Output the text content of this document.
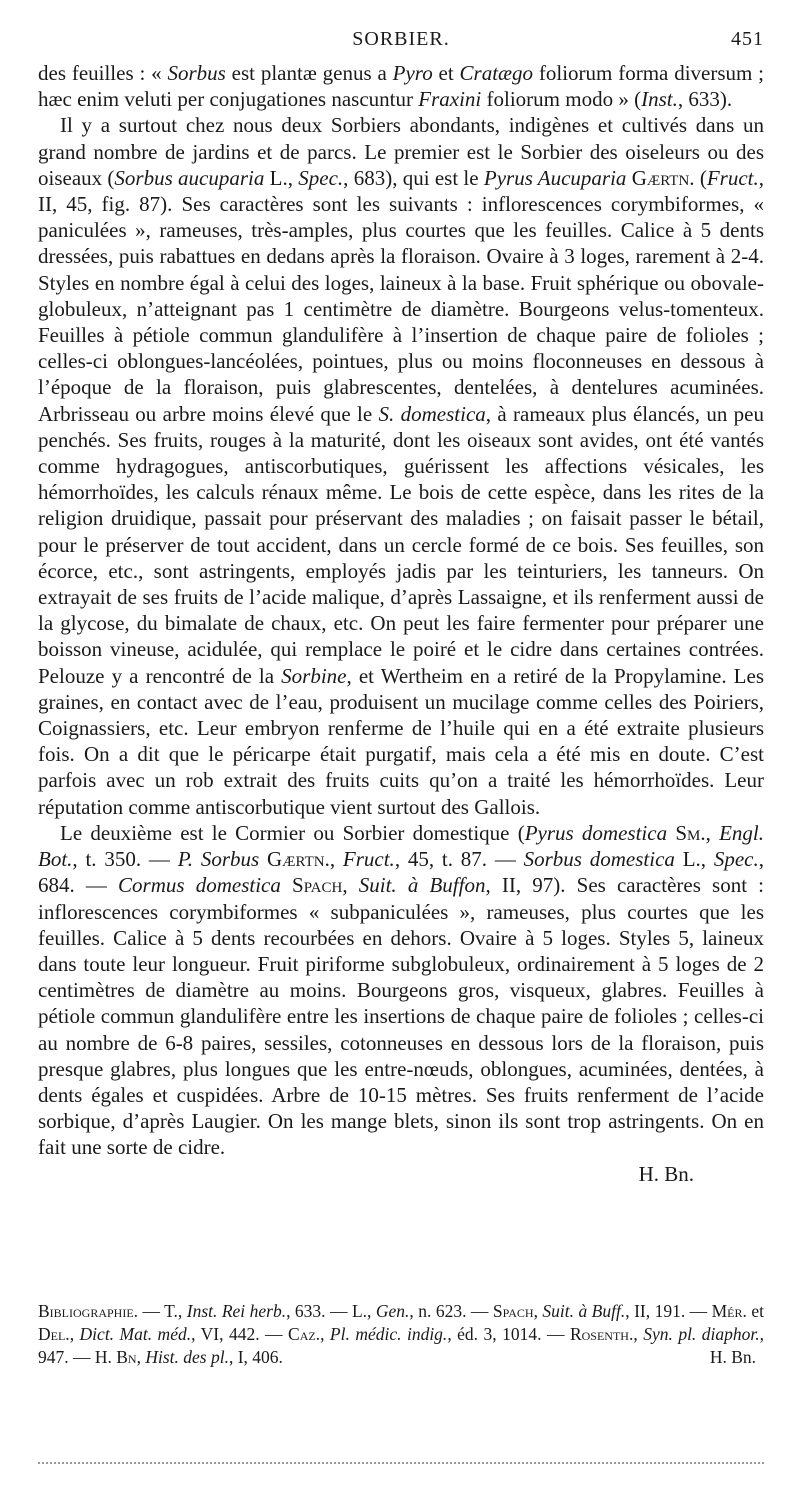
SORBIER.	451

des feuilles : « Sorbus est plantæ genus a Pyro et Cratægo foliorum forma diversum ; hæc enim veluti per conjugationes nascuntur Fraxini foliorum modo » (Inst., 633).

Il y a surtout chez nous deux Sorbiers abondants, indigènes et cultivés dans un grand nombre de jardins et de parcs. Le premier est le Sorbier des oiseleurs ou des oiseaux (Sorbus aucuparia L., Spec., 683), qui est le Pyrus Aucuparia Gærtn. (Fruct., II, 45, fig. 87). Ses caractères sont les suivants : inflorescences corymbiformes, « paniculées », rameuses, très-amples, plus courtes que les feuilles. Calice à 5 dents dressées, puis rabattues en dedans après la floraison. Ovaire à 3 loges, rarement à 2-4. Styles en nombre égal à celui des loges, laineux à la base. Fruit sphérique ou obovale-globuleux, n’atteignant pas 1 centimètre de diamètre. Bourgeons velus-tomenteux. Feuilles à pétiole commun glandulifère à l’insertion de chaque paire de folioles ; celles-ci oblongues-lancéolées, pointues, plus ou moins floconneuses en dessous à l’époque de la floraison, puis glabrescentes, dentelées, à dentelures acuminées. Arbrisseau ou arbre moins élevé que le S. domestica, à rameaux plus élancés, un peu penchés. Ses fruits, rouges à la maturité, dont les oiseaux sont avides, ont été vantés comme hydragogues, antiscorbutiques, guérissent les affections vésicales, les hémorrhoïdes, les calculs rénaux même. Le bois de cette espèce, dans les rites de la religion druidique, passait pour préservant des maladies ; on faisait passer le bétail, pour le préserver de tout accident, dans un cercle formé de ce bois. Ses feuilles, son écorce, etc., sont astringents, employés jadis par les teinturiers, les tanneurs. On extrayait de ses fruits de l’acide malique, d’après Lassaigne, et ils renferment aussi de la glycose, du bimalate de chaux, etc. On peut les faire fermenter pour préparer une boisson vineuse, acidulée, qui remplace le poiré et le cidre dans certaines contrées. Pelouze y a rencontré de la Sorbine, et Wertheim en a retiré de la Propylamine. Les graines, en contact avec de l’eau, produisent un mucilage comme celles des Poiriers, Coignassiers, etc. Leur embryon renferme de l’huile qui en a été extraite plusieurs fois. On a dit que le péricarpe était purgatif, mais cela a été mis en doute. C’est parfois avec un rob extrait des fruits cuits qu’on a traité les hémorrhoïdes. Leur réputation comme antiscorbutique vient surtout des Gallois.

Le deuxième est le Cormier ou Sorbier domestique (Pyrus domestica Sm., Engl. Bot., t. 350. — P. Sorbus Gærtn., Fruct., 45, t. 87. — Sorbus domestica L., Spec., 684. — Cormus domestica Spach, Suit. à Buffon, II, 97). Ses caractères sont : inflorescences corymbiformes « subpaniculées », rameuses, plus courtes que les feuilles. Calice à 5 dents recourbées en dehors. Ovaire à 5 loges. Styles 5, laineux dans toute leur longueur. Fruit piriforme subglobuleux, ordinairement à 5 loges de 2 centimètres de diamètre au moins. Bourgeons gros, visqueux, glabres. Feuilles à pétiole commun glandulifère entre les insertions de chaque paire de folioles ; celles-ci au nombre de 6-8 paires, sessiles, cotonneuses en dessous lors de la floraison, puis presque glabres, plus longues que les entre-nœuds, oblongues, acuminées, dentées, à dents égales et cuspidées. Arbre de 10-15 mètres. Ses fruits renferment de l’acide sorbique, d’après Laugier. On les mange blets, sinon ils sont trop astringents. On en fait une sorte de cidre.

H. Bn.

Bibliographie. — T., Inst. Rei herb., 633. — L., Gen., n. 623. — Spach, Suit. à Buff., II, 191. — Mér. et Del., Dict. Mat. méd., VI, 442. — Caz., Pl. médic. indig., éd. 3, 1014. — Rosenth., Syn. pl. diaphor., 947. — H. Bn, Hist. des pl., I, 406.	H. Bn.
